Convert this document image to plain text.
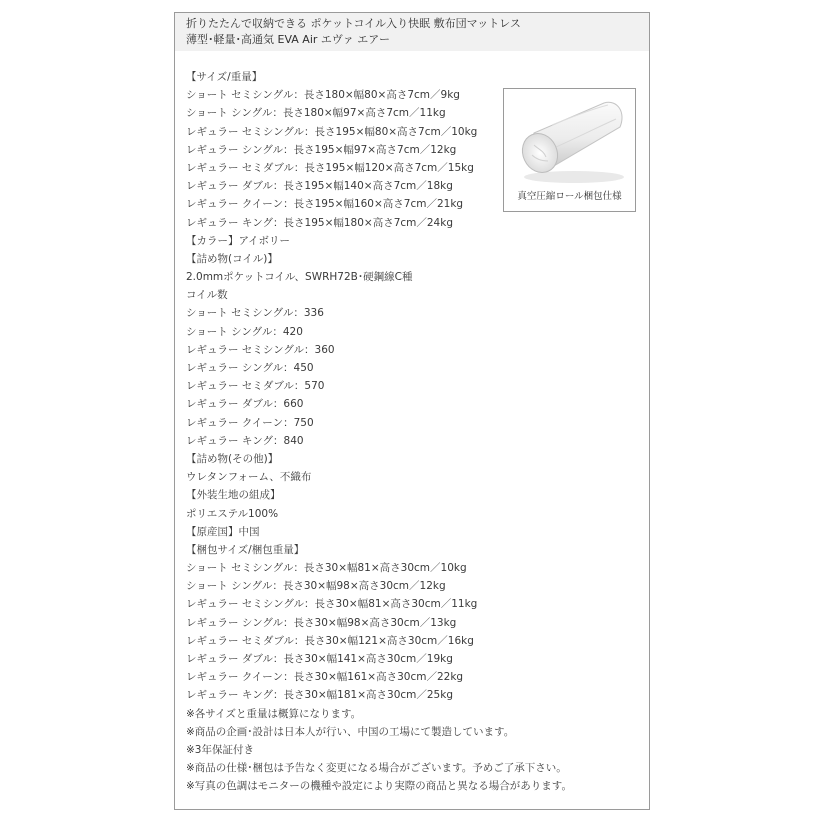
折りたたんで収納できる ポケットコイル入り快眠 敷布団マットレス
薄型･軽量･高通気 EVA Air エヴァ エアー
【サイズ/重量】
ショート セミシングル：長さ180×幅80×高さ7cm／9kg
ショート シングル：長さ180×幅97×高さ7cm／11kg
レギュラー セミシングル：長さ195×幅80×高さ7cm／10kg
レギュラー シングル：長さ195×幅97×高さ7cm／12kg
レギュラー セミダブル：長さ195×幅120×高さ7cm／15kg
レギュラー ダブル：長さ195×幅140×高さ7cm／18kg
レギュラー クイーン：長さ195×幅160×高さ7cm／21kg
レギュラー キング：長さ195×幅180×高さ7cm／24kg
【カラー】アイボリー
【詰め物(コイル)】
2.0mmポケットコイル、SWRH72B･硬鋼線C種
コイル数
ショート セミシングル：336
ショート シングル：420
レギュラー セミシングル：360
レギュラー シングル：450
レギュラー セミダブル：570
レギュラー ダブル：660
レギュラー クイーン：750
レギュラー キング：840
【詰め物(その他)】
ウレタンフォーム、不織布
【外装生地の組成】
ポリエステル100%
【原産国】中国
【梱包サイズ/梱包重量】
ショート セミシングル：長さ30×幅81×高さ30cm／10kg
ショート シングル：長さ30×幅98×高さ30cm／12kg
レギュラー セミシングル：長さ30×幅81×高さ30cm／11kg
レギュラー シングル：長さ30×幅98×高さ30cm／13kg
レギュラー セミダブル：長さ30×幅121×高さ30cm／16kg
レギュラー ダブル：長さ30×幅141×高さ30cm／19kg
レギュラー クイーン：長さ30×幅161×高さ30cm／22kg
レギュラー キング：長さ30×幅181×高さ30cm／25kg
※各サイズと重量は概算になります。
※商品の企画･設計は日本人が行い、中国の工場にて製造しています。
※3年保証付き
※商品の仕様･梱包は予告なく変更になる場合がございます。予めご了承下さい。
※写真の色調はモニターの機種や設定により実際の商品と異なる場合があります。
真空圧縮ロール梱包仕様
